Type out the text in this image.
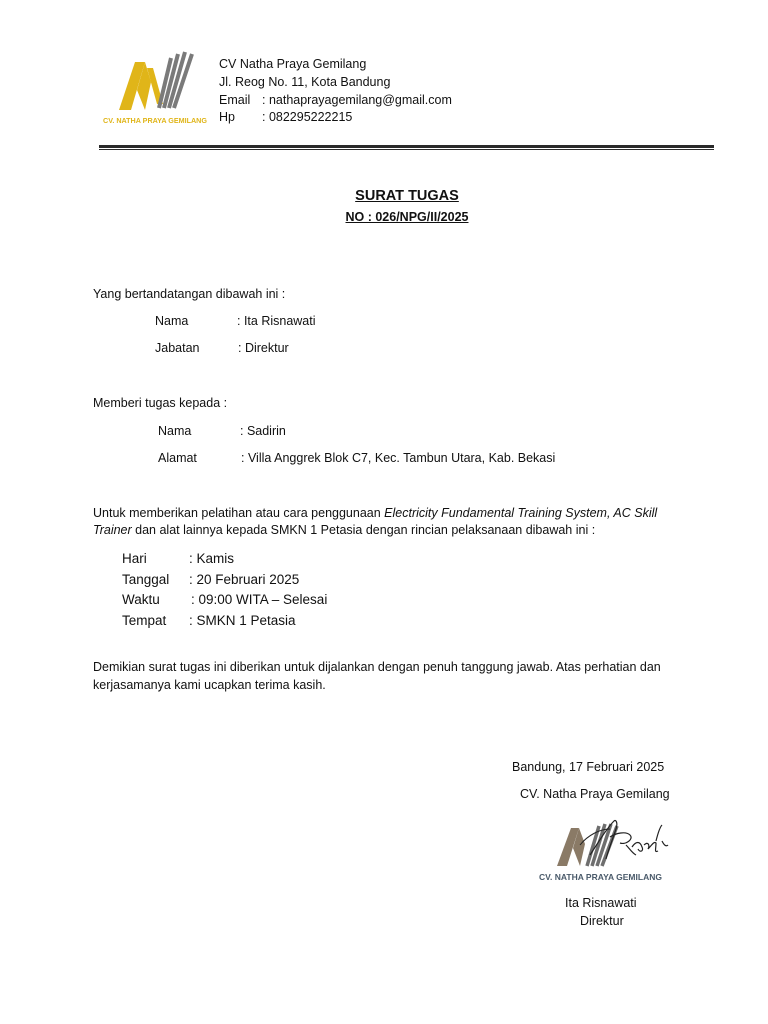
CV. NATHA PRAYA GEMILANG
CV Natha Praya Gemilang
Jl. Reog No. 11, Kota Bandung
Email : nathaprayagemilang@gmail.com
Hp : 082295222215
SURAT TUGAS
NO : 026/NPG/II/2025
Yang bertandatangan dibawah ini :
Nama	: Ita Risnawati
Jabatan	: Direktur
Memberi tugas kepada :
Nama	: Sadirin
Alamat	: Villa Anggrek Blok C7, Kec. Tambun Utara, Kab. Bekasi
Untuk memberikan pelatihan atau cara penggunaan Electricity Fundamental Training System, AC Skill
Trainer dan alat lainnya kepada SMKN 1 Petasia dengan rincian pelaksanaan dibawah ini :
Hari	: Kamis
Tanggal : 20 Februari 2025
Waktu : 09:00 WITA – Selesai
Tempat : SMKN 1 Petasia
Demikian surat tugas ini diberikan untuk dijalankan dengan penuh tanggung jawab. Atas perhatian dan
kerjasamanya kami ucapkan terima kasih.
Bandung, 17 Februari 2025
CV. Natha Praya Gemilang
CV. NATHA PRAYA GEMILANG
Ita Risnawati
Direktur
